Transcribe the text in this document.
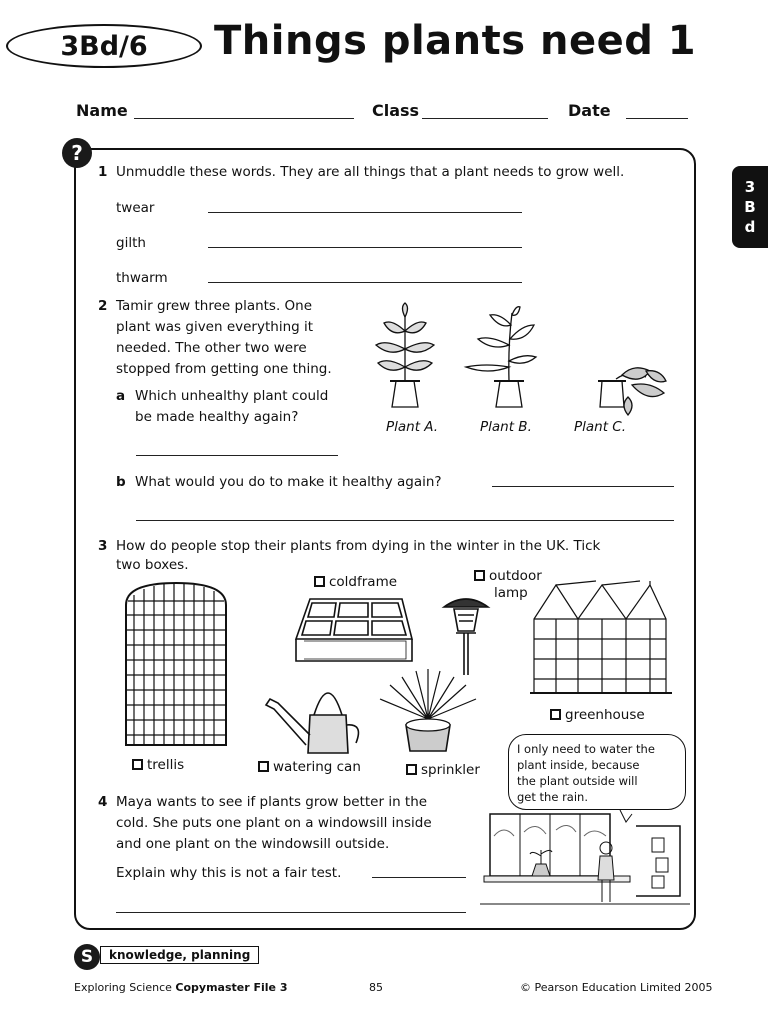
3Bd/6	Things plants need 1
Name	Class	Date
3
B
d
?
1 Unmuddle these words. They are all things that a plant needs to grow well.
twear
gilth
thwarm
2 Tamir grew three plants. One
plant was given everything it
needed. The other two were
stopped from getting one thing.
a Which unhealthy plant could
be made healthy again?
Plant A.	Plant B.	Plant C.
b What would you do to make it healthy again?
3 How do people stop their plants from dying in the winter in the UK. Tick
two boxes.
coldframe	outdoor
lamp
greenhouse
trellis	watering can	sprinkler
4 Maya wants to see if plants grow better in the
cold. She puts one plant on a windowsill inside
and one plant on the windowsill outside.
Explain why this is not a fair test.
I only need to water the
plant inside, because
the plant outside will
get the rain.
S	knowledge, planning
Exploring Science Copymaster File 3	85	© Pearson Education Limited 2005
